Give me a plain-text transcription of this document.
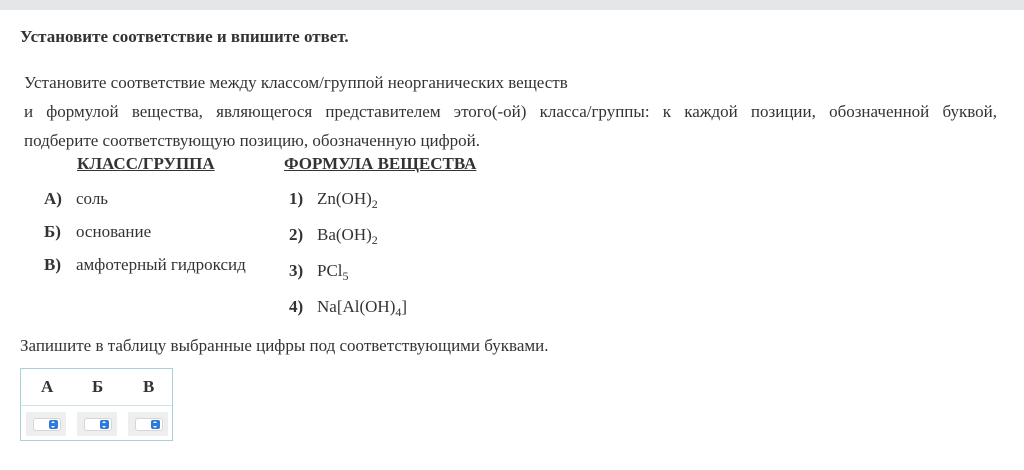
Установите соответствие и впишите ответ.
Установите соответствие между классом/группой неорганических веществ
и формулой вещества, являющегося представителем этого(-ой) класса/группы: к каждой позиции, обозначенной буквой,
подберите соответствующую позицию, обозначенную цифрой.
КЛАСС/ГРУППА	ФОРМУЛА ВЕЩЕСТВА
А) соль
Б) основание
В) амфотерный гидроксид
1) $Zn(OH)_2$
2) $Ba(OH)_2$
3) PCl$_5$
4) $Na[Al(OH)_4]$
Запишите в таблицу выбранные цифры под соответствующими буквами.
А Б В
